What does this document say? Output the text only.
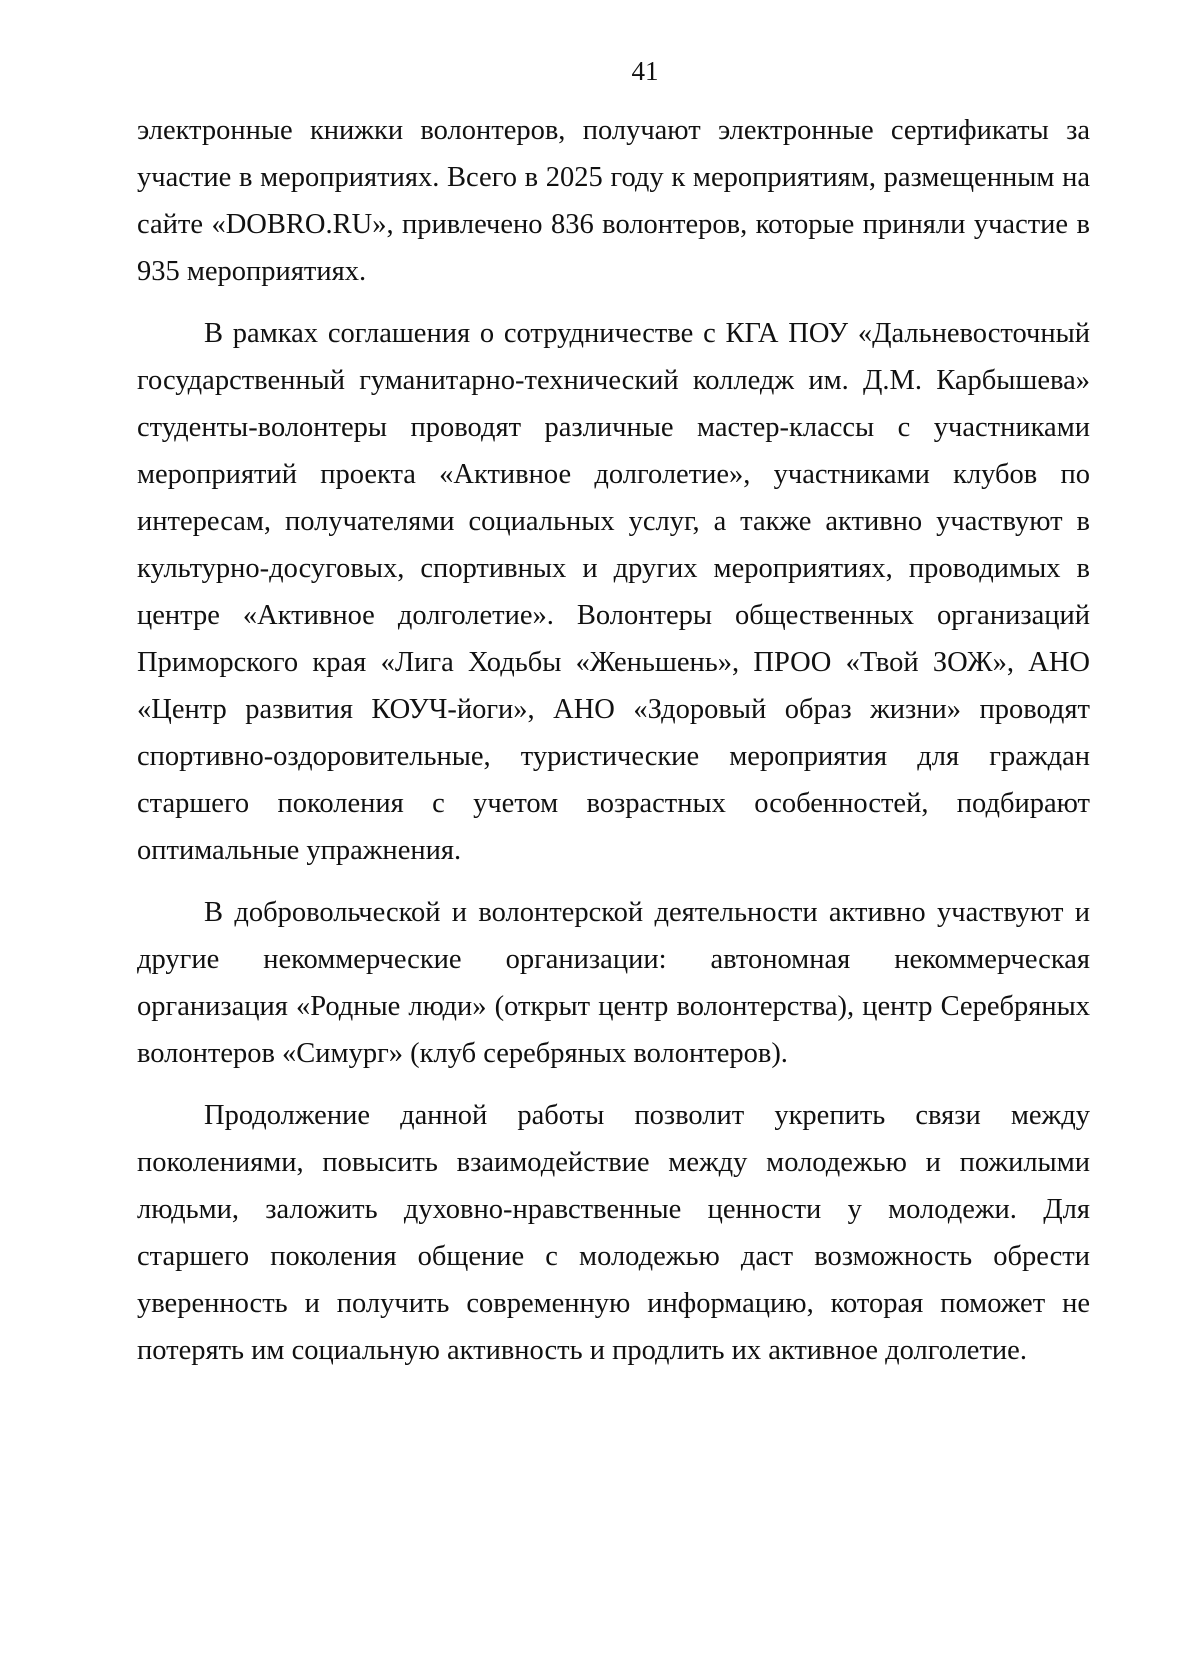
41

электронные книжки волонтеров, получают электронные сертификаты за участие в мероприятиях. Всего в 2025 году к мероприятиям, размещенным на сайте «DOBRO.RU», привлечено 836 волонтеров, которые приняли участие в 935 мероприятиях.

В рамках соглашения о сотрудничестве с КГА ПОУ «Дальневосточный государственный гуманитарно-технический колледж им. Д.М. Карбышева» студенты-волонтеры проводят различные мастер-классы с участниками мероприятий проекта «Активное долголетие», участниками клубов по интересам, получателями социальных услуг, а также активно участвуют в культурно-досуговых, спортивных и других мероприятиях, проводимых в центре «Активное долголетие». Волонтеры общественных организаций Приморского края «Лига Ходьбы «Женьшень», ПРОО «Твой ЗОЖ», АНО «Центр развития КОУЧ-йоги», АНО «Здоровый образ жизни» проводят спортивно-оздоровительные, туристические мероприятия для граждан старшего поколения с учетом возрастных особенностей, подбирают оптимальные упражнения.

В добровольческой и волонтерской деятельности активно участвуют и другие некоммерческие организации: автономная некоммерческая организация «Родные люди» (открыт центр волонтерства), центр Серебряных волонтеров «Симург» (клуб серебряных волонтеров).

Продолжение данной работы позволит укрепить связи между поколениями, повысить взаимодействие между молодежью и пожилыми людьми, заложить духовно-нравственные ценности у молодежи. Для старшего поколения общение с молодежью даст возможность обрести уверенность и получить современную информацию, которая поможет не потерять им социальную активность и продлить их активное долголетие.
